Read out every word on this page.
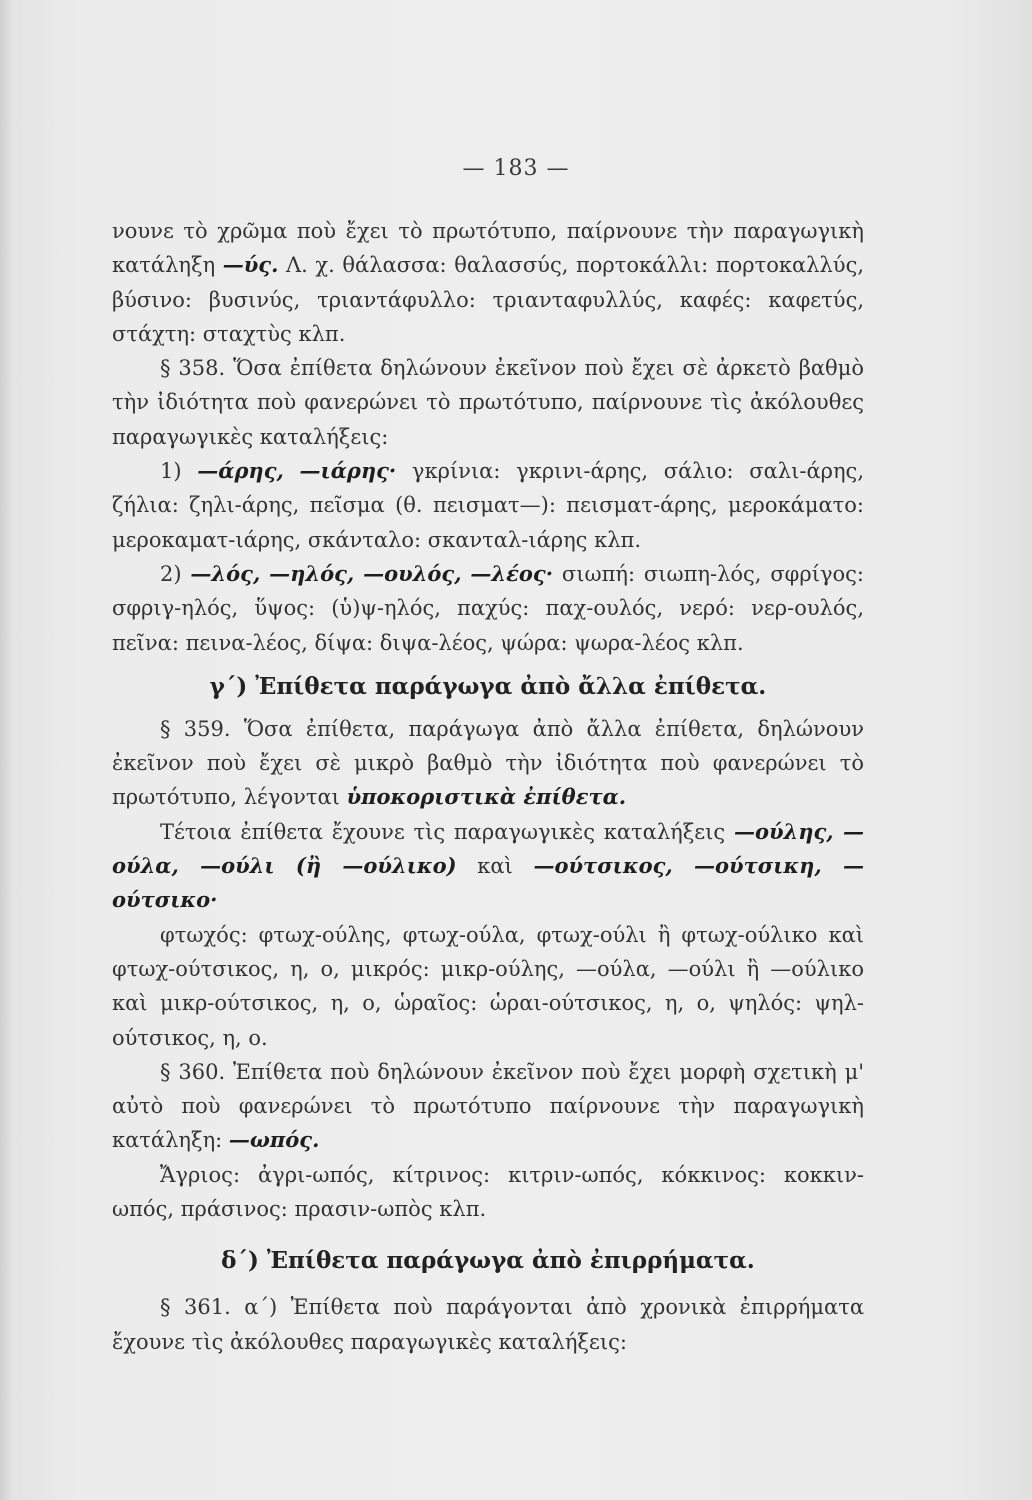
— 183 —

νουνε τὸ χρῶμα ποὺ ἔχει τὸ πρωτότυπο, παίρνουνε τὴν παραγωγικὴ κατάληξη —ύς. Λ. χ. θάλασσα: θαλασσύς, πορτοκάλλι: πορτοκαλλύς, βύσινο: βυσινύς, τριαντάφυλλο: τριανταφυλλύς, καφές: καφετύς, στάχτη: σταχτὺς κλπ.

§ 358. Ὅσα ἐπίθετα δηλώνουν ἐκεῖνον ποὺ ἔχει σὲ ἀρκετὸ βαθμὸ τὴν ἰδιότητα ποὺ φανερώνει τὸ πρωτότυπο, παίρνουνε τὶς ἀκόλουθες παραγωγικὲς καταλήξεις:

1) —άρης, —ιάρης· γκρίνια: γκρινι-άρης, σάλιο: σαλι-άρης, ζήλια: ζηλι-άρης, πεῖσμα (θ. πεισματ—): πεισματ-άρης, μεροκάματο: μεροκαματ-ιάρης, σκάνταλο: σκανταλ-ιάρης κλπ.

2) —λός, —ηλός, —ουλός, —λέος· σιωπή: σιωπη-λός, σφρίγος: σφριγ-ηλός, ὕψος: (ὑ)ψ-ηλός, παχύς: παχ-ουλός, νερό: νερ-ουλός, πεῖνα: πεινα-λέος, δίψα: διψα-λέος, ψώρα: ψωρα-λέος κλπ.

γ΄) Ἐπίθετα παράγωγα ἀπὸ ἄλλα ἐπίθετα.

§ 359. Ὅσα ἐπίθετα, παράγωγα ἀπὸ ἄλλα ἐπίθετα, δηλώνουν ἐκεῖνον ποὺ ἔχει σὲ μικρὸ βαθμὸ τὴν ἰδιότητα ποὺ φανερώνει τὸ πρωτότυπο, λέγονται ὑποκοριστικὰ ἐπίθετα.

Τέτοια ἐπίθετα ἔχουνε τὶς παραγωγικὲς καταλήξεις —ούλης, —ούλα, —ούλι (ἢ —ούλικο) καὶ —ούτσικος, —ούτσικη, —ούτσικο·

φτωχός: φτωχ-ούλης, φτωχ-ούλα, φτωχ-ούλι ἢ φτωχ-ούλικο καὶ φτωχ-ούτσικος, η, ο, μικρός: μικρ-ούλης, —ούλα, —ούλι ἢ —ούλικο καὶ μικρ-ούτσικος, η, ο, ὡραῖος: ὡραι-ούτσικος, η, ο, ψηλός: ψηλ-ούτσικος, η, ο.

§ 360. Ἐπίθετα ποὺ δηλώνουν ἐκεῖνον ποὺ ἔχει μορφὴ σχετικὴ μ' αὐτὸ ποὺ φανερώνει τὸ πρωτότυπο παίρνουνε τὴν παραγωγικὴ κατάληξη: —ωπός.

Ἄγριος: ἀγρι-ωπός, κίτρινος: κιτριν-ωπός, κόκκινος: κοκκιν-ωπός, πράσινος: πρασιν-ωπὸς κλπ.

δ΄) Ἐπίθετα παράγωγα ἀπὸ ἐπιρρήματα.

§ 361. α΄) Ἐπίθετα ποὺ παράγονται ἀπὸ χρονικὰ ἐπιρρήματα ἔχουνε τὶς ἀκόλουθες παραγωγικὲς καταλήξεις:
